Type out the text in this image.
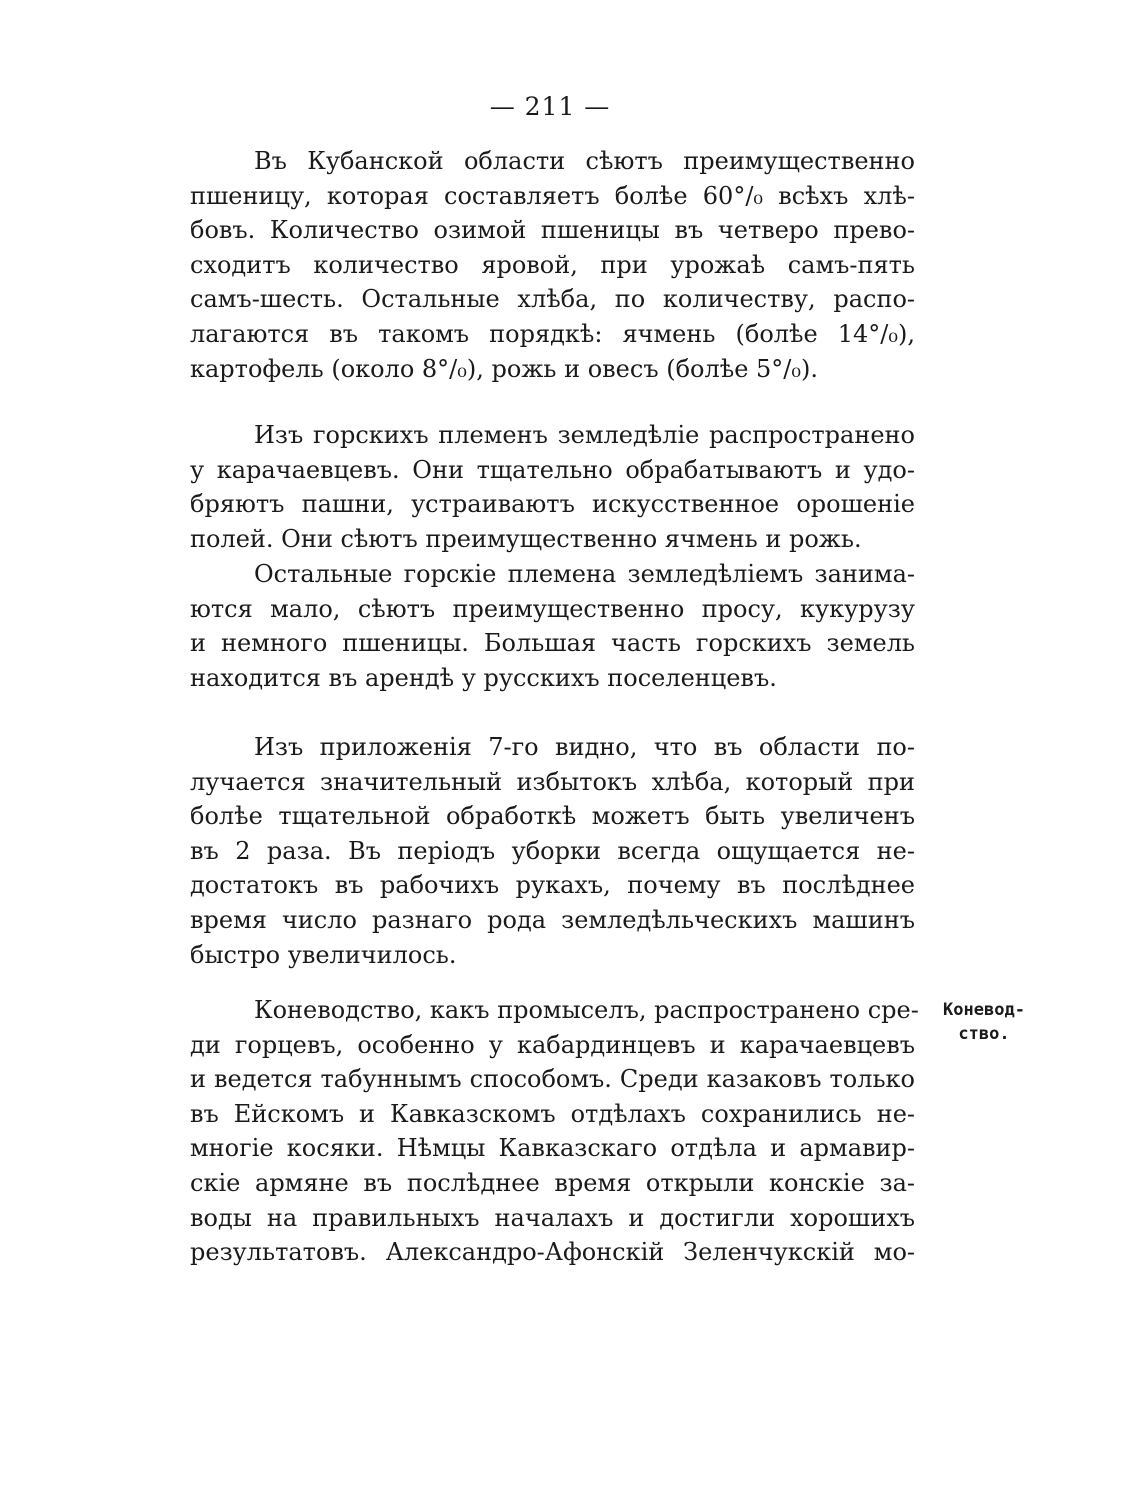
— 211 —
Въ Кубанской области сѣютъ преимущественно
пшеницу, которая составляетъ болѣе 60°/₀ всѣхъ хлѣ-
бовъ. Количество озимой пшеницы въ четверо прево-
сходитъ количество яровой, при урожаѣ самъ-пять
самъ-шесть. Остальные хлѣба, по количеству, распо-
лагаются въ такомъ порядкѣ: ячмень (болѣе 14°/₀),
картофель (около 8°/₀), рожь и овесъ (болѣе 5°/₀).
Изъ горскихъ племенъ земледѣліе распространено
у карачаевцевъ. Они тщательно обрабатываютъ и удо-
бряютъ пашни, устраиваютъ искусственное орошеніе
полей. Они сѣютъ преимущественно ячмень и рожь.
Остальные горскіе племена земледѣліемъ занима-
ются мало, сѣютъ преимущественно просу, кукурузу
и немного пшеницы. Большая часть горскихъ земель
находится въ арендѣ у русскихъ поселенцевъ.
Изъ приложенія 7-го видно, что въ области по-
лучается значительный избытокъ хлѣба, который при
болѣе тщательной обработкѣ можетъ быть увеличенъ
въ 2 раза. Въ періодъ уборки всегда ощущается не-
достатокъ въ рабочихъ рукахъ, почему въ послѣднее
время число разнаго рода земледѣльческихъ машинъ
быстро увеличилось.
Коневодство, какъ промыселъ, распространено сре-
ди горцевъ, особенно у кабардинцевъ и карачаевцевъ
и ведется табуннымъ способомъ. Среди казаковъ только
въ Ейскомъ и Кавказскомъ отдѣлахъ сохранились не-
многіе косяки. Нѣмцы Кавказскаго отдѣла и армавир-
скіе армяне въ послѣднее время открыли конскіе за-
воды на правильныхъ началахъ и достигли хорошихъ
результатовъ. Александро-Афонскій Зеленчукскій мо-
Коневод-
ство.
